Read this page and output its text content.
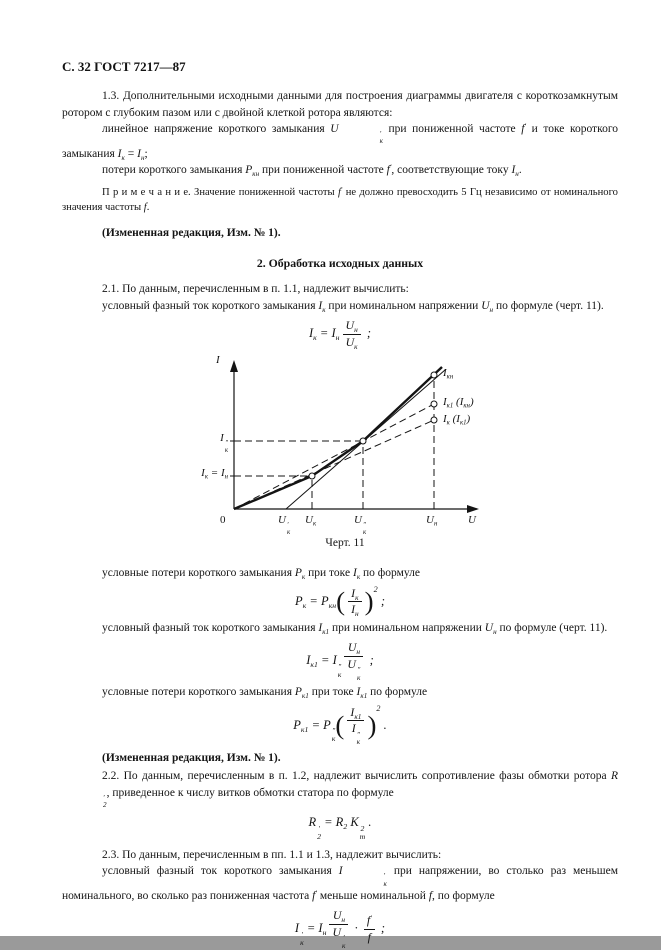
С. 32 ГОСТ 7217—87

1.3. Дополнительными исходными данными для построения диаграммы двигателя с короткозамкнутым ротором с глубоким пазом или с двойной клеткой ротора являются:

линейное напряжение короткого замыкания U	′
к
при пониженной частоте f′ и токе короткого замыкания $I_к = I_н$;

потери короткого замыкания $P_{кн}$ при пониженной частоте f′, соответствующие току $I_н$.

П р и м е ч а н и е. Значение пониженной частоты f′ не должно превосходить 5 Гц независимо от номинального значения частоты f.

(Измененная редакция, Изм. № 1).

2. Обработка исходных данных

2.1. По данным, перечисленным в п. 1.1, надлежит вычислить:

условный фазный ток короткого замыкания $I_к$ при номинальном напряжении $U_н$ по формуле (черт. 11).

$I_к = I_н \frac{U_н}{U_к}$ ;
I
0	U ′
к
$U_к$	U ″
к
$U_н$	U
I ″
к
$I_к = I_н$
$I_{кн}$
$I_{к1}$ $(I_{кн})$
$I_к$ $(I_{к1})$
Черт. 11

условные потери короткого замыкания $P_к$ при токе $I_к$ по формуле

$P_к = P_{кн}$ ( $\frac{I_к}{I_н}$ ) 2
;

условный фазный ток короткого замыкания $I_{к1}$ при номинальном напряжении $U_н$ по формуле (черт. 11).

$I_{к1} = I$ ″
к $U_н$
U ″
к ;

условные потери короткого замыкания $P_{к1}$ при токе $I_{к1}$ по формуле

$P_{к1} = P$ ″
к ( $I_{к1}$
I ″
к )
2
.

(Измененная редакция, Изм. № 1).

2.2. По данным, перечисленным в п. 1.2, надлежит вычислить сопротивление фазы обмотки ротора R
′
2
, приведенное к числу витков обмотки статора по формуле

R ′
2
= $R_2$ K 2
т
.

2.3. По данным, перечисленным в пп. 1.1 и 1.3, надлежит вычислить:

условный фазный ток короткого замыкания I	′
к
при напряжении, во столько раз меньшем номинального, во сколько раз пониженная частота f′ меньше номинальной f, по формуле

I ′
к
= $I_н$ $U_н$
U ′
$к \cdot \frac{f'}{f}$ ;
